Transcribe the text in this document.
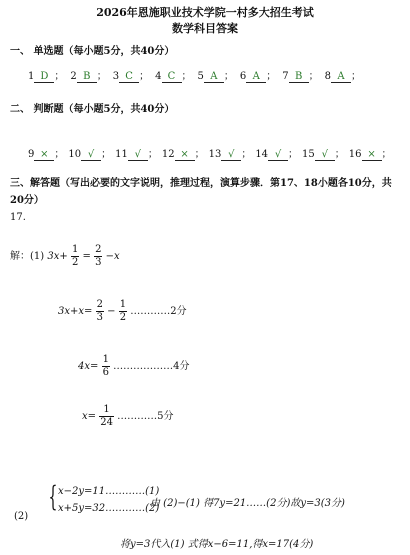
2026年恩施职业技术学院一村多大招生考试
数学科目答案
一、 单选题（每小题5分，共40分）
1 D ； 2 B ； 3 C ； 4 C ； 5 A ； 6 A ； 7 B ； 8 A ；
二、 判断题（每小题5分，共40分）
9 × ； 10 √ ； 11 √ ； 12 × ； 13 √ ； 14 √ ； 15 √ ； 16 × ；
三、解答题（写出必要的文字说明，推理过程，演算步骤．第17、18小题各10分，共
20分）
17.
解：(1) $3x+ \frac{1}{2} = \frac{2}{3} -x$
$3x+x= \frac{2}{3} - \frac{1}{2}$ …………2分
$4x= \frac{1}{6}$ ………………4分
$x= \frac{1}{24}$ …………5分
(2)
{ x−2y=11…………(1)
x+5y=32…………(2)
由 (2)−(1) 得7y=21……(2分)故y=3(3分)
将y=3代入(1) 式得x−6=11,得x=17(4分)
